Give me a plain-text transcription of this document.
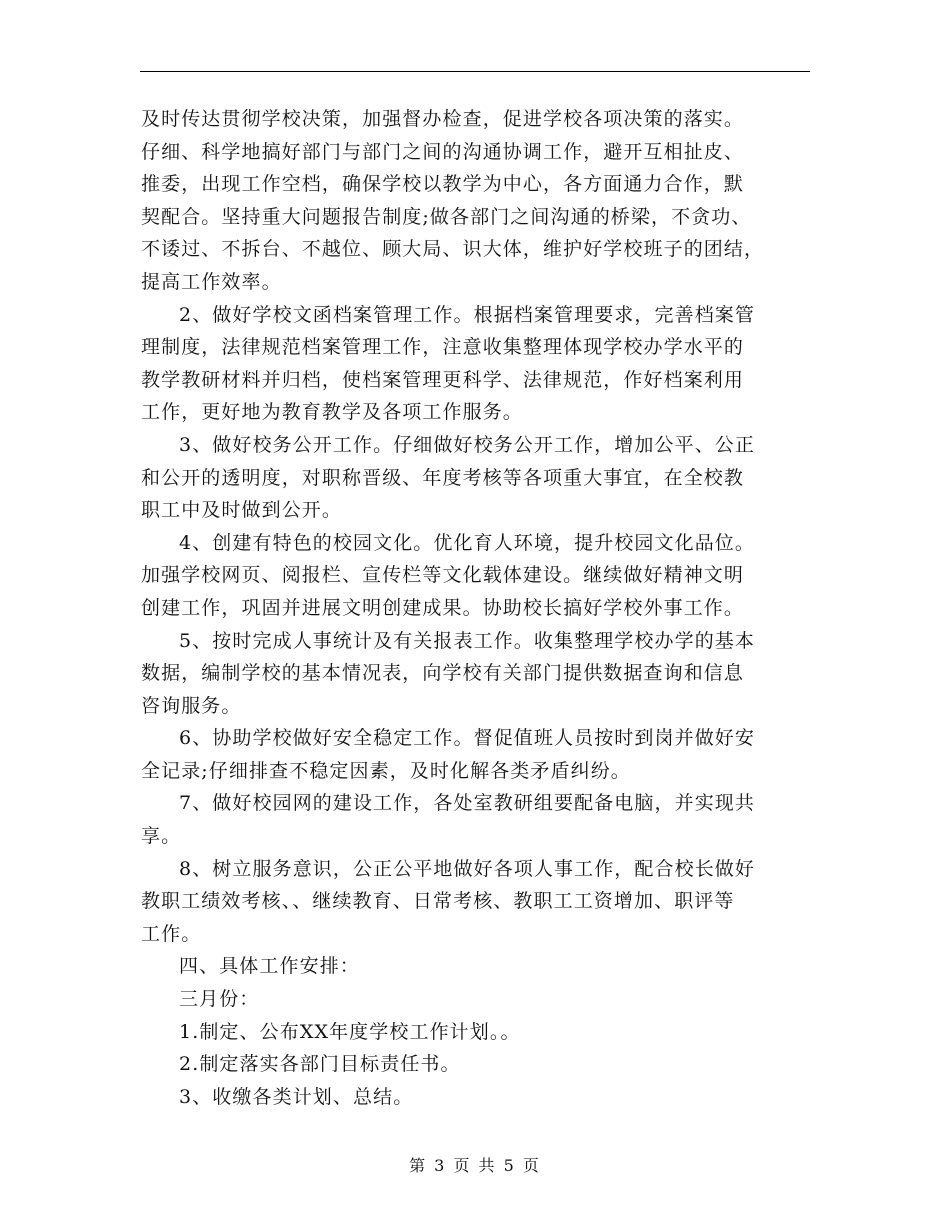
及时传达贯彻学校决策，加强督办检查，促进学校各项决策的落实。
仔细、科学地搞好部门与部门之间的沟通协调工作，避开互相扯皮、
推委，出现工作空档，确保学校以教学为中心，各方面通力合作，默
契配合。坚持重大问题报告制度;做各部门之间沟通的桥梁，不贪功、
不诿过、不拆台、不越位、顾大局、识大体，维护好学校班子的团结，
提高工作效率。
2、做好学校文函档案管理工作。根据档案管理要求，完善档案管
理制度，法律规范档案管理工作，注意收集整理体现学校办学水平的
教学教研材料并归档，使档案管理更科学、法律规范，作好档案利用
工作，更好地为教育教学及各项工作服务。
3、做好校务公开工作。仔细做好校务公开工作，增加公平、公正
和公开的透明度，对职称晋级、年度考核等各项重大事宜，在全校教
职工中及时做到公开。
4、创建有特色的校园文化。优化育人环境，提升校园文化品位。
加强学校网页、阅报栏、宣传栏等文化载体建设。继续做好精神文明
创建工作，巩固并进展文明创建成果。协助校长搞好学校外事工作。
5、按时完成人事统计及有关报表工作。收集整理学校办学的基本
数据，编制学校的基本情况表，向学校有关部门提供数据查询和信息
咨询服务。
6、协助学校做好安全稳定工作。督促值班人员按时到岗并做好安
全记录;仔细排查不稳定因素，及时化解各类矛盾纠纷。
7、做好校园网的建设工作，各处室教研组要配备电脑，并实现共
享。
8、树立服务意识，公正公平地做好各项人事工作，配合校长做好
教职工绩效考核、、继续教育、日常考核、教职工工资增加、职评等
工作。
四、具体工作安排：
三月份：
1.制定、公布XX年度学校工作计划。。
2.制定落实各部门目标责任书。
3、收缴各类计划、总结。
第 3 页 共 5 页
